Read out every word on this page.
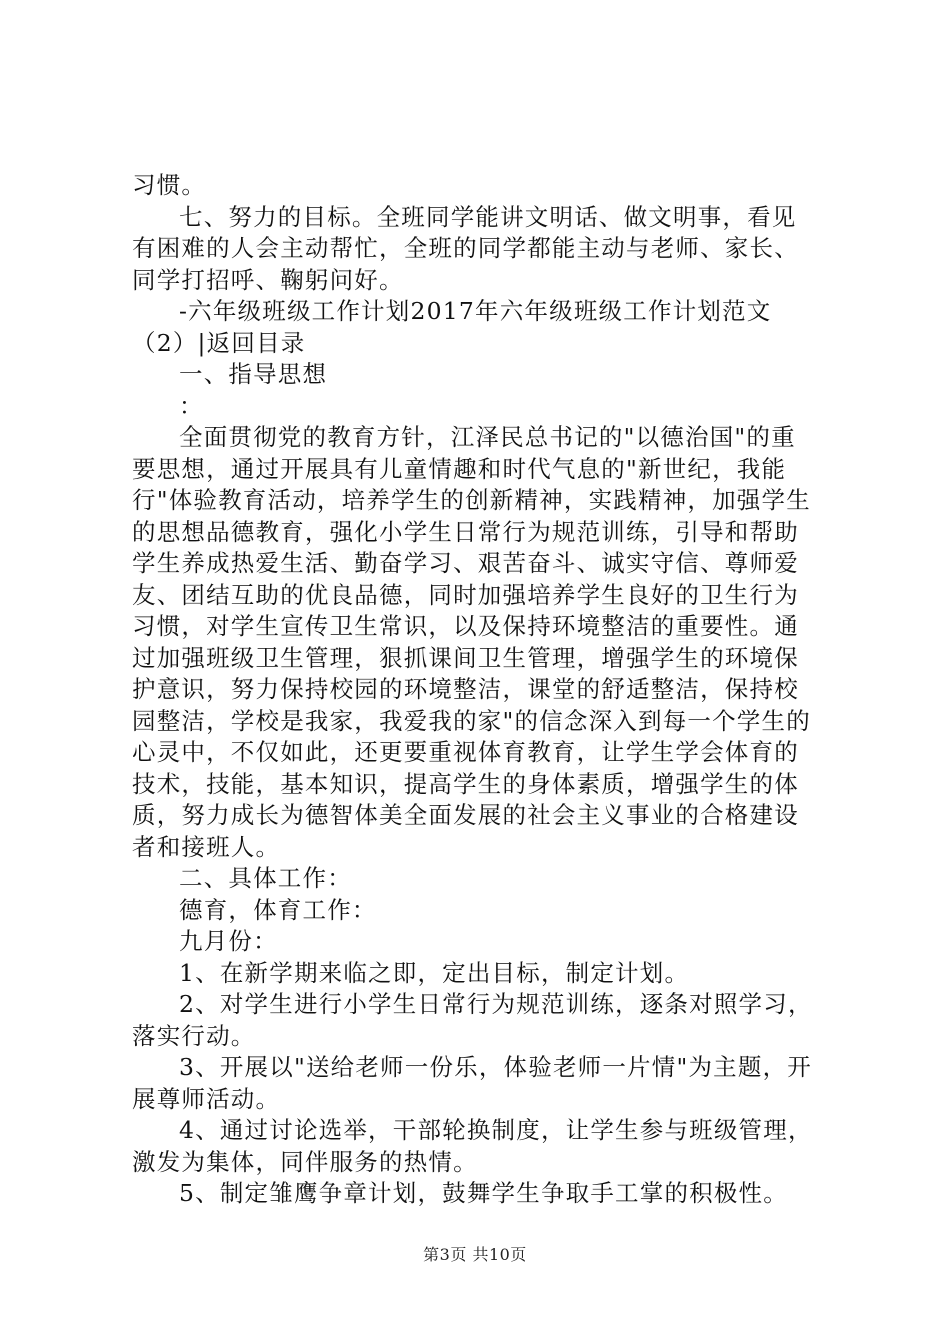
习惯。
七、努力的目标。全班同学能讲文明话、做文明事，看见
有困难的人会主动帮忙，全班的同学都能主动与老师、家长、
同学打招呼、鞠躬问好。
-六年级班级工作计划2017年六年级班级工作计划范文
（2）|返回目录
一、指导思想
：
全面贯彻党的教育方针，江泽民总书记的"以德治国"的重
要思想，通过开展具有儿童情趣和时代气息的"新世纪，我能
行"体验教育活动，培养学生的创新精神，实践精神，加强学生
的思想品德教育，强化小学生日常行为规范训练，引导和帮助
学生养成热爱生活、勤奋学习、艰苦奋斗、诚实守信、尊师爱
友、团结互助的优良品德，同时加强培养学生良好的卫生行为
习惯，对学生宣传卫生常识，以及保持环境整洁的重要性。通
过加强班级卫生管理，狠抓课间卫生管理，增强学生的环境保
护意识，努力保持校园的环境整洁，课堂的舒适整洁，保持校
园整洁，学校是我家，我爱我的家"的信念深入到每一个学生的
心灵中，不仅如此，还更要重视体育教育，让学生学会体育的
技术，技能，基本知识，提高学生的身体素质，增强学生的体
质，努力成长为德智体美全面发展的社会主义事业的合格建设
者和接班人。
二、具体工作：
德育，体育工作：
九月份：
1、在新学期来临之即，定出目标，制定计划。
2、对学生进行小学生日常行为规范训练，逐条对照学习，
落实行动。
3、开展以"送给老师一份乐，体验老师一片情"为主题，开
展尊师活动。
4、通过讨论选举，干部轮换制度，让学生参与班级管理，
激发为集体，同伴服务的热情。
5、制定雏鹰争章计划，鼓舞学生争取手工掌的积极性。
第3页 共10页
